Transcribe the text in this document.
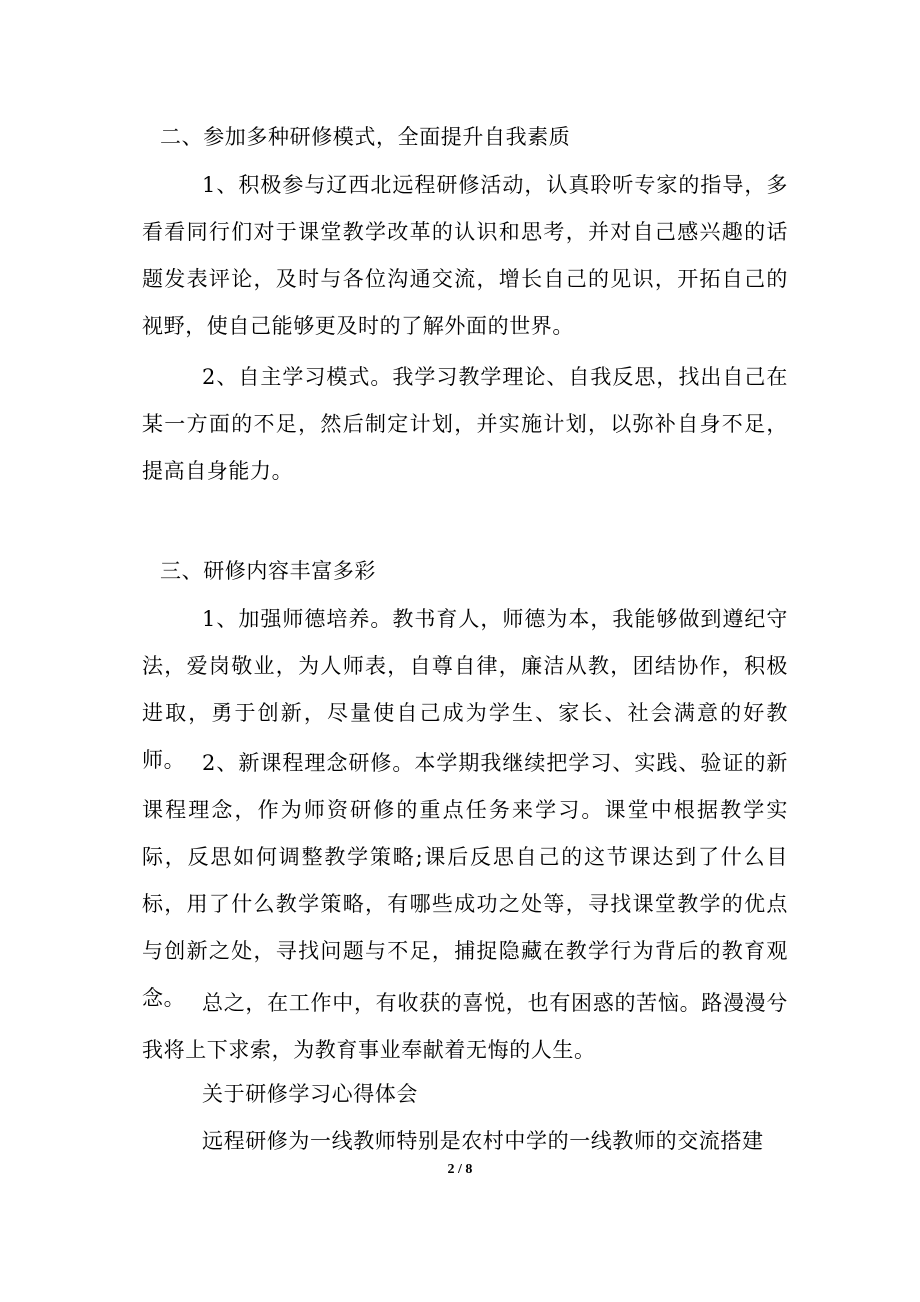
二、参加多种研修模式，全面提升自我素质
1、积极参与辽西北远程研修活动，认真聆听专家的指导，多看看同行们对于课堂教学改革的认识和思考，并对自己感兴趣的话题发表评论，及时与各位沟通交流，增长自己的见识，开拓自己的视野，使自己能够更及时的了解外面的世界。
2、自主学习模式。我学习教学理论、自我反思，找出自己在某一方面的不足，然后制定计划，并实施计划，以弥补自身不足，提高自身能力。
三、研修内容丰富多彩
1、加强师德培养。教书育人，师德为本，我能够做到遵纪守法，爱岗敬业，为人师表，自尊自律，廉洁从教，团结协作，积极进取，勇于创新，尽量使自己成为学生、家长、社会满意的好教师。 2、新课程理念研修。本学期我继续把学习、实践、验证的新课程理念，作为师资研修的重点任务来学习。课堂中根据教学实际，反思如何调整教学策略;课后反思自己的这节课达到了什么目标，用了什么教学策略，有哪些成功之处等，寻找课堂教学的优点与创新之处，寻找问题与不足，捕捉隐藏在教学行为背后的教育观念。 总之，在工作中，有收获的喜悦，也有困惑的苦恼。路漫漫兮我将上下求索，为教育事业奉献着无悔的人生。
关于研修学习心得体会
远程研修为一线教师特别是农村中学的一线教师的交流搭建
2 / 8
